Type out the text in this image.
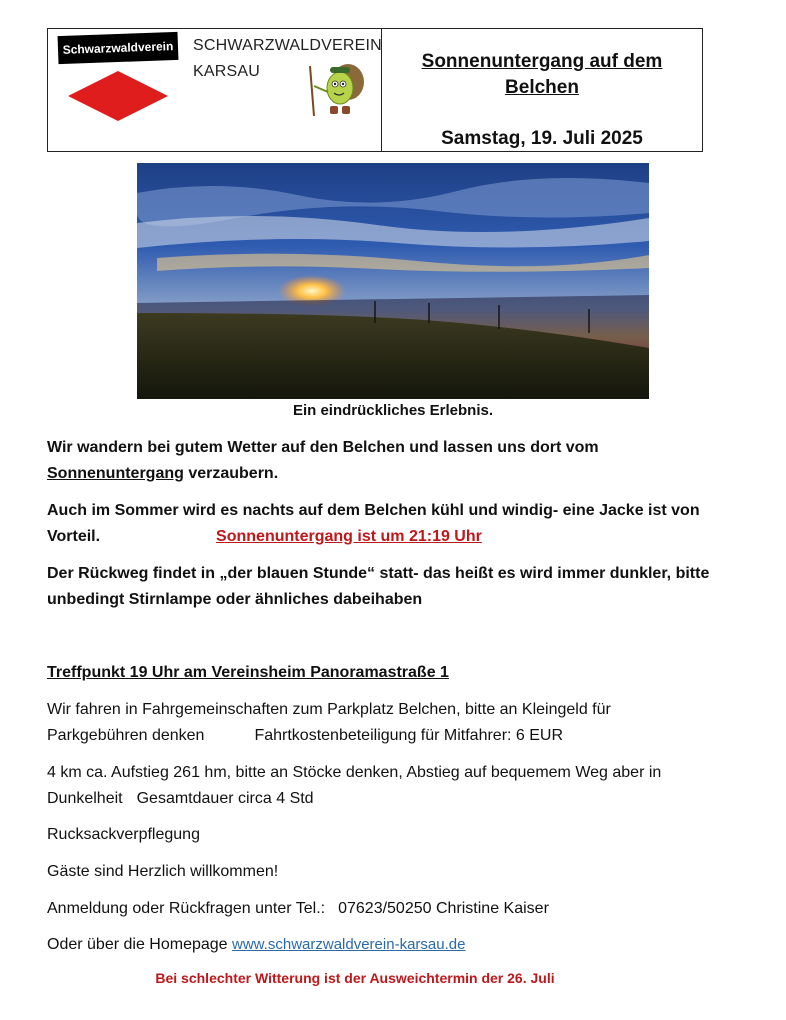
Schwarzwaldverein	SCHWARZWALDVEREIN
KARSAU	Sonnenuntergang auf dem
Belchen
Samstag, 19. Juli 2025
Ein eindrückliches Erlebnis.
Wir wandern bei gutem Wetter auf den Belchen und lassen uns dort vom
Sonnenuntergang verzaubern.
Auch im Sommer wird es nachts auf dem Belchen kühl und windig- eine Jacke ist von
Vorteil.	Sonnenuntergang ist um 21:19 Uhr
Der Rückweg findet in „der blauen Stunde“ statt- das heißt es wird immer dunkler, bitte
unbedingt Stirnlampe oder ähnliches dabeihaben
Treffpunkt 19 Uhr am Vereinsheim Panoramastraße 1
Wir fahren in Fahrgemeinschaften zum Parkplatz Belchen, bitte an Kleingeld für
Parkgebühren denken	Fahrtkostenbeteiligung für Mitfahrer: 6 EUR
4 km ca. Aufstieg 261 hm, bitte an Stöcke denken, Abstieg auf bequemem Weg aber in
Dunkelheit Gesamtdauer circa 4 Std
Rucksackverpflegung
Gäste sind Herzlich willkommen!
Anmeldung oder Rückfragen unter Tel.: 07623/50250 Christine Kaiser
Oder über die Homepage www.schwarzwaldverein-karsau.de
Bei schlechter Witterung ist der Ausweichtermin der 26. Juli
